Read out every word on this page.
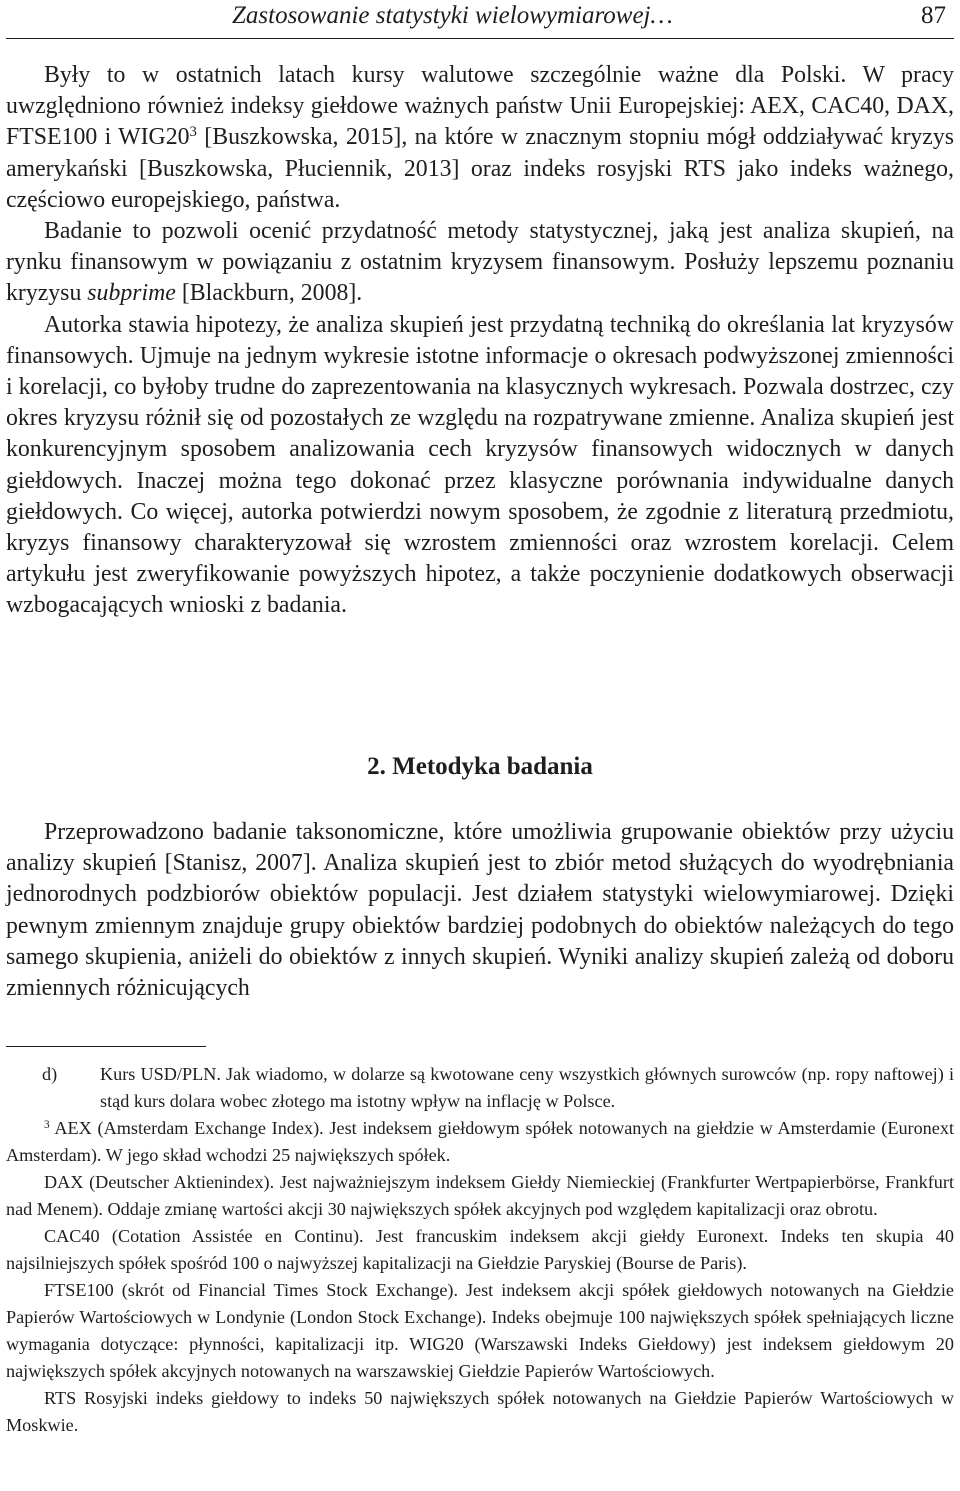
Zastosowanie statystyki wielowymiarowej…	87

Były to w ostatnich latach kursy walutowe szczególnie ważne dla Polski. W pracy uwzględniono również indeksy giełdowe ważnych państw Unii Europejskiej: AEX, CAC40, DAX, FTSE100 i $WIG20^3$ [Buszkowska, 2015], na które w znacznym stopniu mógł oddziaływać kryzys amerykański [Buszkowska, Płuciennik, 2013] oraz indeks rosyjski RTS jako indeks ważnego, częściowo europejskiego, państwa.

Badanie to pozwoli ocenić przydatność metody statystycznej, jaką jest analiza skupień, na rynku finansowym w powiązaniu z ostatnim kryzysem finansowym. Posłuży lepszemu poznaniu kryzysu subprime [Blackburn, 2008].

Autorka stawia hipotezy, że analiza skupień jest przydatną techniką do określania lat kryzysów finansowych. Ujmuje na jednym wykresie istotne informacje o okresach podwyższonej zmienności i korelacji, co byłoby trudne do zaprezentowania na klasycznych wykresach. Pozwala dostrzec, czy okres kryzysu różnił się od pozostałych ze względu na rozpatrywane zmienne. Analiza skupień jest konkurencyjnym sposobem analizowania cech kryzysów finansowych widocznych w danych giełdowych. Inaczej można tego dokonać przez klasyczne porównania indywidualne danych giełdowych. Co więcej, autorka potwierdzi nowym sposobem, że zgodnie z literaturą przedmiotu, kryzys finansowy charakteryzował się wzrostem zmienności oraz wzrostem korelacji. Celem artykułu jest zweryfikowanie powyższych hipotez, a także poczynienie dodatkowych obserwacji wzbogacających wnioski z badania.

2. Metodyka badania

Przeprowadzono badanie taksonomiczne, które umożliwia grupowanie obiektów przy użyciu analizy skupień [Stanisz, 2007]. Analiza skupień jest to zbiór metod służących do wyodrębniania jednorodnych podzbiorów obiektów populacji. Jest działem statystyki wielowymiarowej. Dzięki pewnym zmiennym znajduje grupy obiektów bardziej podobnych do obiektów należących do tego samego skupienia, aniżeli do obiektów z innych skupień. Wyniki analizy skupień zależą od doboru zmiennych różnicujących

d)	Kurs USD/PLN. Jak wiadomo, w dolarze są kwotowane ceny wszystkich głównych surowców (np. ropy naftowej) i stąd kurs dolara wobec złotego ma istotny wpływ na inflację w Polsce.

$^3$ AEX (Amsterdam Exchange Index). Jest indeksem giełdowym spółek notowanych na giełdzie w Amsterdamie (Euronext Amsterdam). W jego skład wchodzi 25 największych spółek.

DAX (Deutscher Aktienindex). Jest najważniejszym indeksem Giełdy Niemieckiej (Frankfurter Wertpapierbörse, Frankfurt nad Menem). Oddaje zmianę wartości akcji 30 największych spółek akcyjnych pod względem kapitalizacji oraz obrotu.

CAC40 (Cotation Assistée en Continu). Jest francuskim indeksem akcji giełdy Euronext. Indeks ten skupia 40 najsilniejszych spółek spośród 100 o najwyższej kapitalizacji na Giełdzie Paryskiej (Bourse de Paris).

FTSE100 (skrót od Financial Times Stock Exchange). Jest indeksem akcji spółek giełdowych notowanych na Giełdzie Papierów Wartościowych w Londynie (London Stock Exchange). Indeks obejmuje 100 największych spółek spełniających liczne wymagania dotyczące: płynności, kapitalizacji itp. WIG20 (Warszawski Indeks Giełdowy) jest indeksem giełdowym 20 największych spółek akcyjnych notowanych na warszawskiej Giełdzie Papierów Wartościowych.

RTS Rosyjski indeks giełdowy to indeks 50 największych spółek notowanych na Giełdzie Papierów Wartościowych w Moskwie.
